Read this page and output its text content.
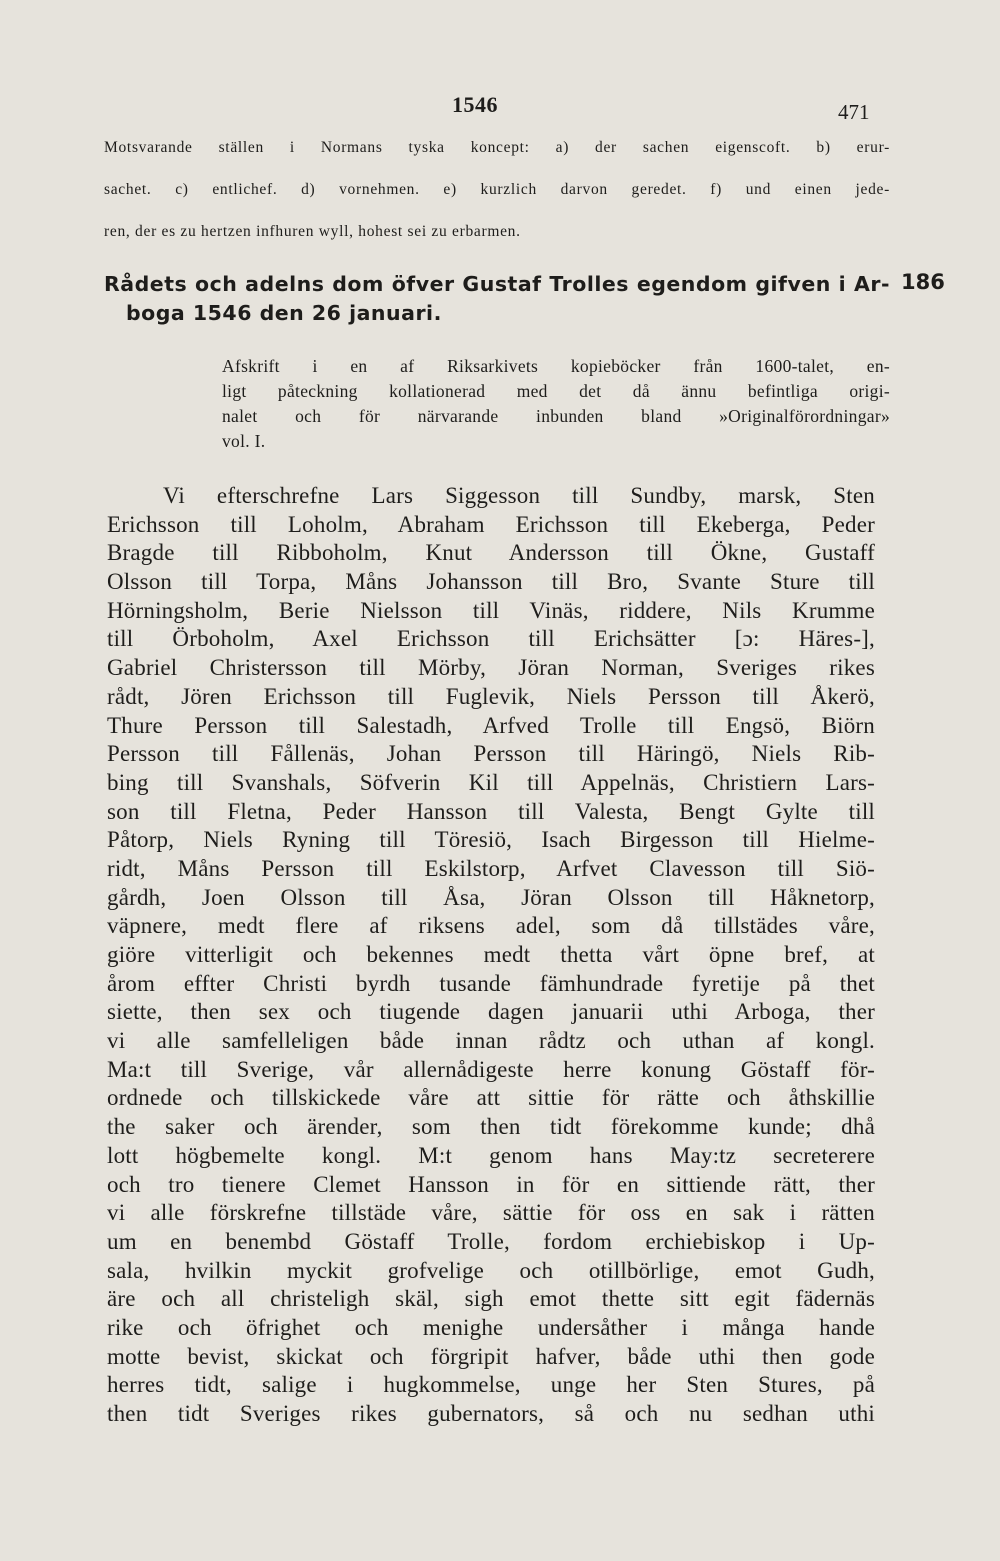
1546	471

Motsvarande ställen i Normans tyska koncept: a) der sachen eigenscoft. b) erur-

sachet. c) entlichef. d) vornehmen. e) kurzlich darvon geredet. f) und einen jede-

ren, der es zu hertzen infhuren wyll, hohest sei zu erbarmen.

Rådets och adelns dom öfver Gustaf Trolles egendom gifven i Ar-
boga 1546 den 26 januari.
186
Afskrift i en af Riksarkivets kopieböcker från 1600-talet, en-
ligt påteckning kollationerad med det då ännu befintliga origi-
nalet och för närvarande inbunden bland »Originalförordningar»
vol. I.
Vi efterschrefne Lars Siggesson till Sundby, marsk, Sten
Erichsson till Loholm, Abraham Erichsson till Ekeberga, Peder
Bragde till Ribboholm, Knut Andersson till Ökne, Gustaff
Olsson till Torpa, Måns Johansson till Bro, Svante Sture till
Hörningsholm, Berie Nielsson till Vinäs, riddere, Nils Krumme
till Örboholm, Axel Erichsson till Erichsätter [ɔ: Häres-],
Gabriel Christersson till Mörby, Jöran Norman, Sveriges rikes
rådt, Jören Erichsson till Fuglevik, Niels Persson till Åkerö,
Thure Persson till Salestadh, Arfved Trolle till Engsö, Biörn
Persson till Fållenäs, Johan Persson till Häringö, Niels Rib-
bing till Svanshals, Söfverin Kil till Appelnäs, Christiern Lars-
son till Fletna, Peder Hansson till Valesta, Bengt Gylte till
Påtorp, Niels Ryning till Töresiö, Isach Birgesson till Hielme-
ridt, Måns Persson till Eskilstorp, Arfvet Clavesson till Siö-
gårdh, Joen Olsson till Åsa, Jöran Olsson till Håknetorp,
väpnere, medt flere af riksens adel, som då tillstädes våre,
giöre vitterligit och bekennes medt thetta vårt öpne bref, at
årom effter Christi byrdh tusande fämhundrade fyretije på thet
siette, then sex och tiugende dagen januarii uthi Arboga, ther
vi alle samfelleligen både innan rådtz och uthan af kongl.
Ma:t till Sverige, vår allernådigeste herre konung Göstaff för-
ordnede och tillskickede våre att sittie för rätte och åthskillie
the saker och ärender, som then tidt förekomme kunde; dhå
lott högbemelte kongl. M:t genom hans May:tz secreterere
och tro tienere Clemet Hansson in för en sittiende rätt, ther
vi alle förskrefne tillstäde våre, sättie för oss en sak i rätten
um en benembd Göstaff Trolle, fordom erchiebiskop i Up-
sala, hvilkin myckit grofvelige och otillbörlige, emot Gudh,
äre och all christeligh skäl, sigh emot thette sitt egit fädernäs
rike och öfrighet och menighe undersåther i många hande
motte bevist, skickat och förgripit hafver, både uthi then gode
herres tidt, salige i hugkommelse, unge her Sten Stures, på
then tidt Sveriges rikes gubernators, så och nu sedhan uthi
